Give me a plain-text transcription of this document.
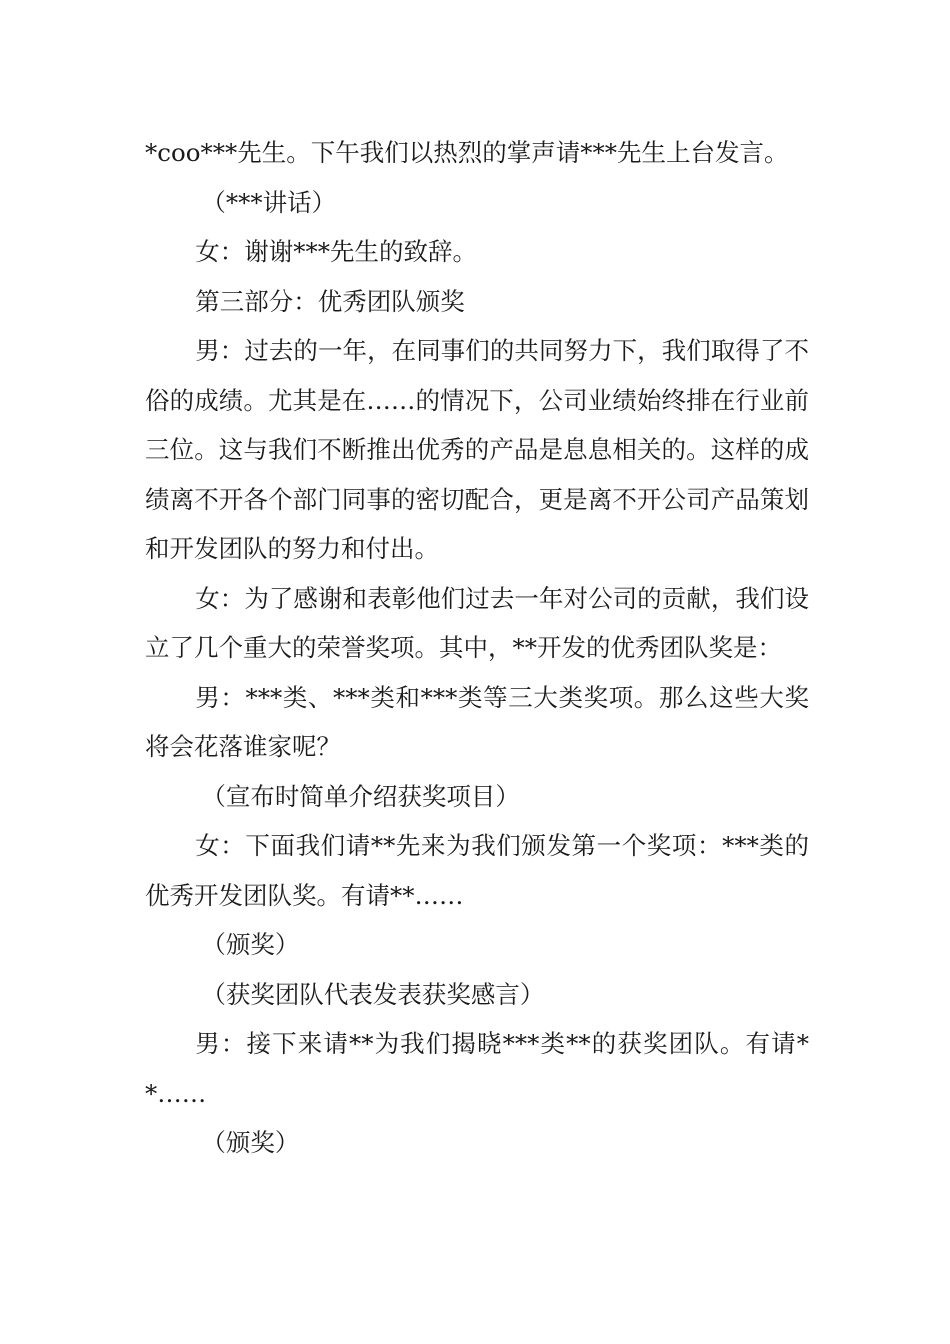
*coo***先生。下午我们以热烈的掌声请***先生上台发言。

（***讲话）

女：谢谢***先生的致辞。

第三部分：优秀团队颁奖

男：过去的一年，在同事们的共同努力下，我们取得了不俗的成绩。尤其是在……的情况下，公司业绩始终排在行业前三位。这与我们不断推出优秀的产品是息息相关的。这样的成绩离不开各个部门同事的密切配合，更是离不开公司产品策划和开发团队的努力和付出。

女：为了感谢和表彰他们过去一年对公司的贡献，我们设立了几个重大的荣誉奖项。其中，**开发的优秀团队奖是：

男：***类、***类和***类等三大类奖项。那么这些大奖将会花落谁家呢？

（宣布时简单介绍获奖项目）

女：下面我们请**先来为我们颁发第一个奖项：***类的优秀开发团队奖。有请**……

（颁奖）

（获奖团队代表发表获奖感言）

男：接下来请**为我们揭晓***类**的获奖团队。有请**……

（颁奖）
